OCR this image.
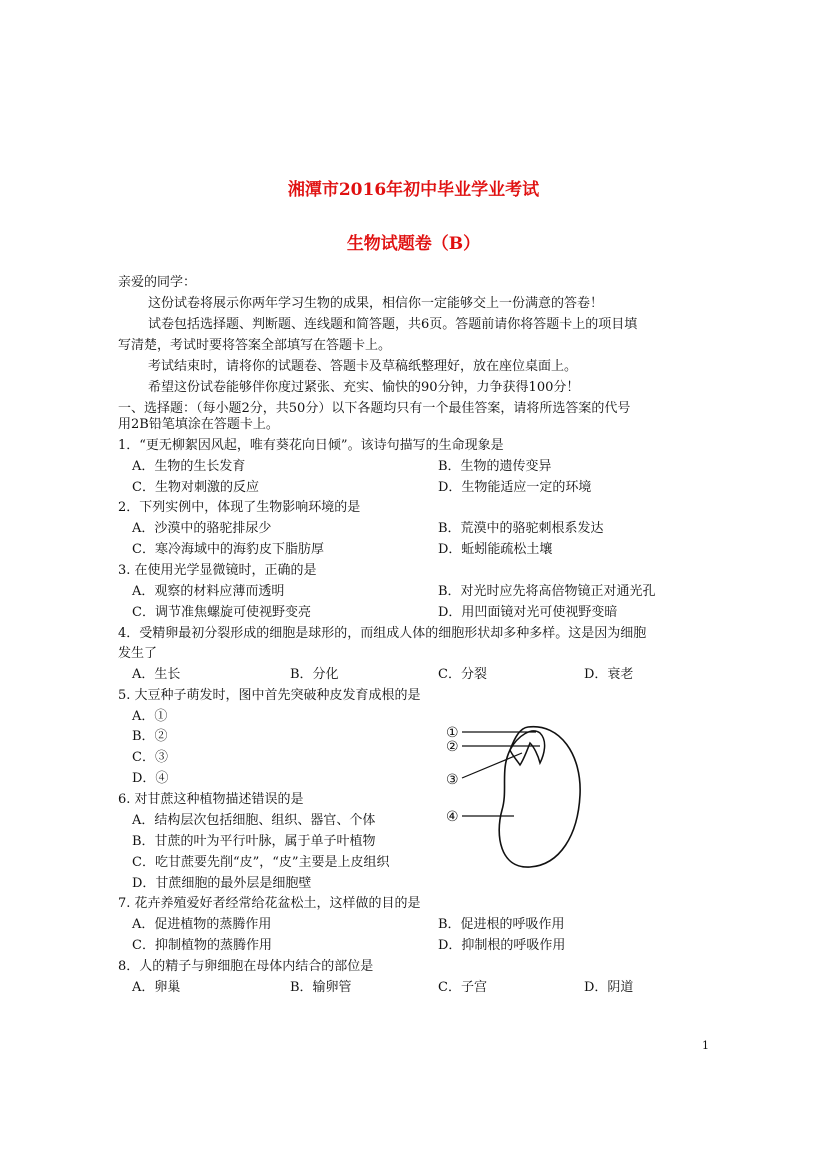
湘潭市2016年初中毕业学业考试
生物试题卷（B）
亲爱的同学：
这份试卷将展示你两年学习生物的成果，相信你一定能够交上一份满意的答卷！
试卷包括选择题、判断题、连线题和简答题，共6页。答题前请你将答题卡上的项目填
写清楚，考试时要将答案全部填写在答题卡上。
考试结束时，请将你的试题卷、答题卡及草稿纸整理好，放在座位桌面上。
希望这份试卷能够伴你度过紧张、充实、愉快的90分钟，力争获得100分！
一、选择题：（每小题2分，共50分）以下各题均只有一个最佳答案，请将所选答案的代号
用2B铅笔填涂在答题卡上。
1．“更无柳絮因风起，唯有葵花向日倾”。该诗句描写的生命现象是
A．生物的生长发育	B．生物的遗传变异
C．生物对刺激的反应	D．生物能适应一定的环境
2．下列实例中，体现了生物影响环境的是
A．沙漠中的骆驼排尿少	B．荒漠中的骆驼刺根系发达
C．寒冷海域中的海豹皮下脂肪厚	D．蚯蚓能疏松土壤
3. 在使用光学显微镜时，正确的是
A．观察的材料应薄而透明	B．对光时应先将高倍物镜正对通光孔
C．调节准焦螺旋可使视野变亮	D．用凹面镜对光可使视野变暗
4．受精卵最初分裂形成的细胞是球形的，而组成人体的细胞形状却多种多样。这是因为细胞
发生了
A．生长	B．分化	C．分裂	D．衰老
5. 大豆种子萌发时，图中首先突破种皮发育成根的是
A．①
B．②
C．③
D．④
①
②
③
④
6. 对甘蔗这种植物描述错误的是
A．结构层次包括细胞、组织、器官、个体
B．甘蔗的叶为平行叶脉，属于单子叶植物
C．吃甘蔗要先削“皮”，“皮”主要是上皮组织
D．甘蔗细胞的最外层是细胞壁
7. 花卉养殖爱好者经常给花盆松土，这样做的目的是
A．促进植物的蒸腾作用	B．促进根的呼吸作用
C．抑制植物的蒸腾作用	D．抑制根的呼吸作用
8．人的精子与卵细胞在母体内结合的部位是
A．卵巢	B．输卵管	C．子宫	D．阴道
1
